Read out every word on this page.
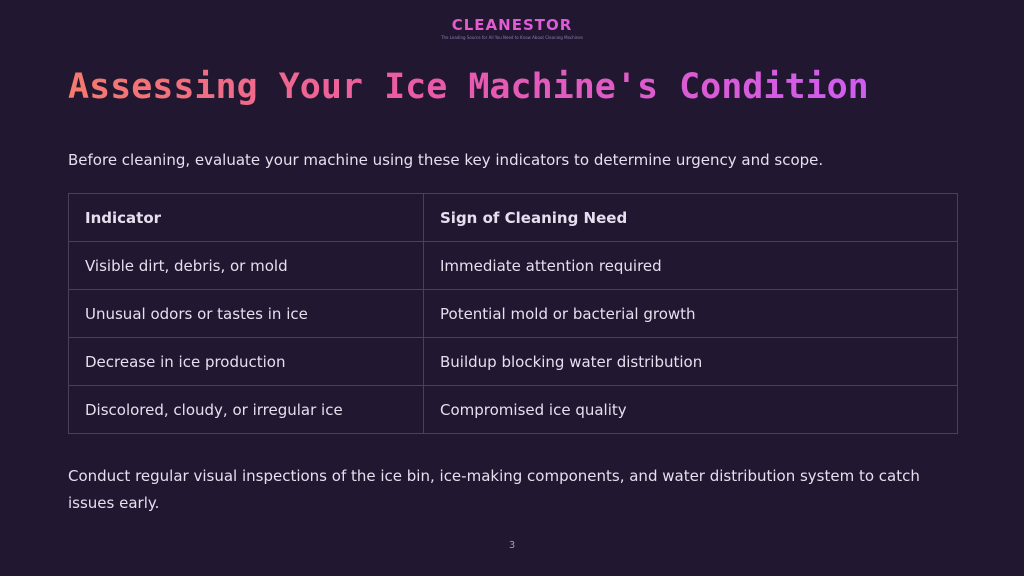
CLEANESTOR
The Leading Source for All You Need to Know About Cleaning Machines
Assessing Your Ice Machine's Condition

Before cleaning, evaluate your machine using these key indicators to determine urgency and scope.

Indicator	Sign of Cleaning Need
Visible dirt, debris, or mold	Immediate attention required
Unusual odors or tastes in ice	Potential mold or bacterial growth
Decrease in ice production	Buildup blocking water distribution
Discolored, cloudy, or irregular ice	Compromised ice quality

Conduct regular visual inspections of the ice bin, ice-making components, and water distribution system to catch issues early.

3
